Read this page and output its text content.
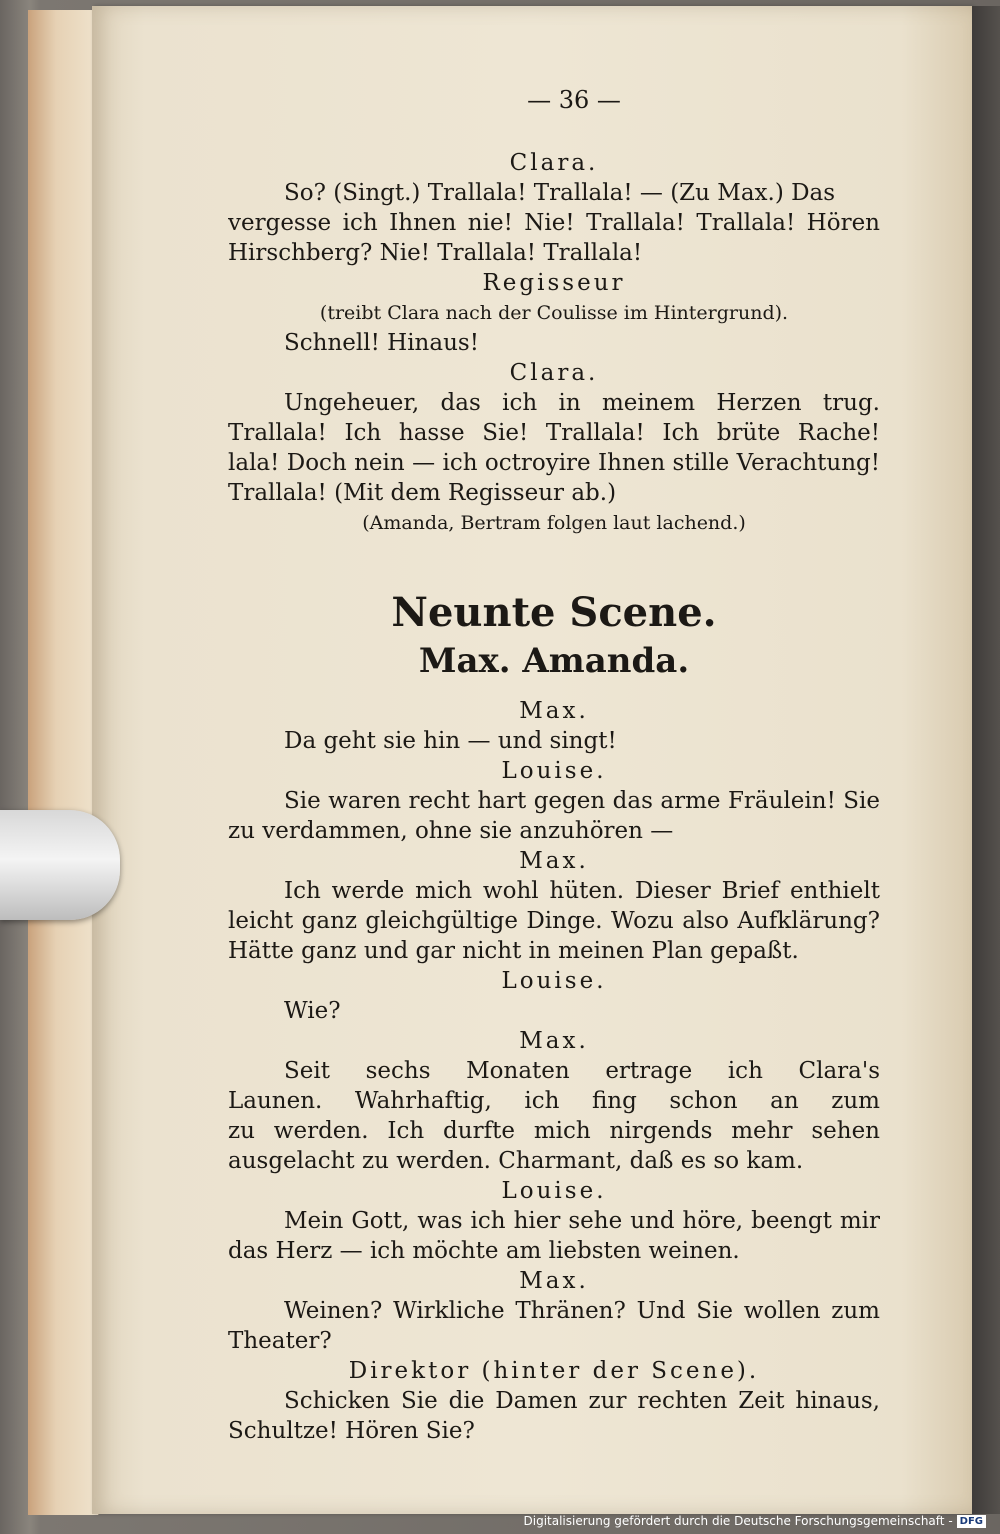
— 36 —
Clara.
So? (Singt.) Trallala! Trallala! — (Zu Max.) Das
vergesse ich Ihnen nie! Nie! Trallala! Trallala! Hören
Hirschberg? Nie! Trallala! Trallala!
Regisseur
(treibt Clara nach der Coulisse im Hintergrund).
Schnell! Hinaus!
Clara.
Ungeheuer, das ich in meinem Herzen trug.
Trallala! Ich hasse Sie! Trallala! Ich brüte Rache!
lala! Doch nein — ich octroyire Ihnen stille Verachtung!
Trallala! (Mit dem Regisseur ab.)
(Amanda, Bertram folgen laut lachend.)
Neunte Scene.
Max. Amanda.
Max.
Da geht sie hin — und singt!
Louise.
Sie waren recht hart gegen das arme Fräulein! Sie
zu verdammen, ohne sie anzuhören —
Max.
Ich werde mich wohl hüten. Dieser Brief enthielt
leicht ganz gleichgültige Dinge. Wozu also Aufklärung?
Hätte ganz und gar nicht in meinen Plan gepaßt.
Louise.
Wie?
Max.
Seit sechs Monaten ertrage ich Clara's
Launen. Wahrhaftig, ich fing schon an zum
zu werden. Ich durfte mich nirgends mehr sehen
ausgelacht zu werden. Charmant, daß es so kam.
Louise.
Mein Gott, was ich hier sehe und höre, beengt mir
das Herz — ich möchte am liebsten weinen.
Max.
Weinen? Wirkliche Thränen? Und Sie wollen zum
Theater?
Direktor (hinter der Scene).
Schicken Sie die Damen zur rechten Zeit hinaus,
Schultze! Hören Sie?
Digitalisierung gefördert durch die Deutsche Forschungsgemeinschaft - DFG
